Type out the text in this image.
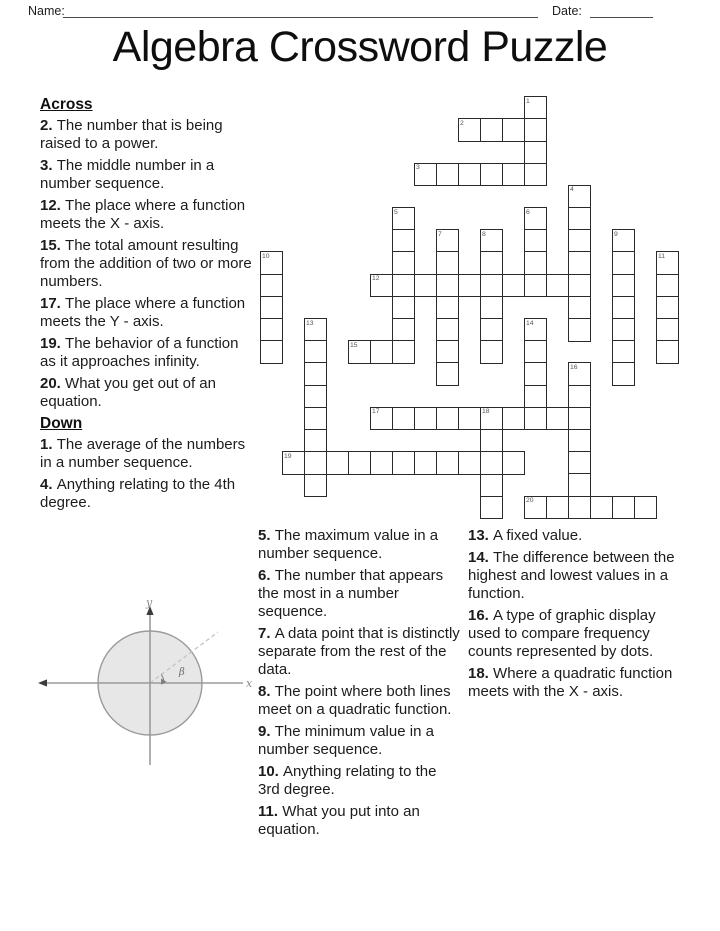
Name:	Date:
Algebra Crossword Puzzle

Across

2. The number that is being raised to a power.

3. The middle number in a number sequence.

12. The place where a function meets the X - axis.

15. The total amount resulting from the addition of two or more numbers.

17. The place where a function meets the Y - axis.

19. The behavior of a function as it approaches infinity.

20. What you get out of an equation.

Down

1. The average of the numbers in a number sequence.

4. Anything relating to the 4th degree.

1
2
3
4
5	6
7	8	9
10	11
12
13	14
15
16
17	18
19
20

5. The maximum value in a number sequence.

6. The number that appears the most in a number sequence.

7. A data point that is distinctly separate from the rest of the data.

8. The point where both lines meet on a quadratic function.

9. The minimum value in a number sequence.

10. Anything relating to the 3rd degree.

11. What you put into an equation.

13. A fixed value.

14. The difference between the highest and lowest values in a function.

16. A type of graphic display used to compare frequency counts represented by dots.

18. Where a quadratic function meets with the X - axis.

y
x
β
